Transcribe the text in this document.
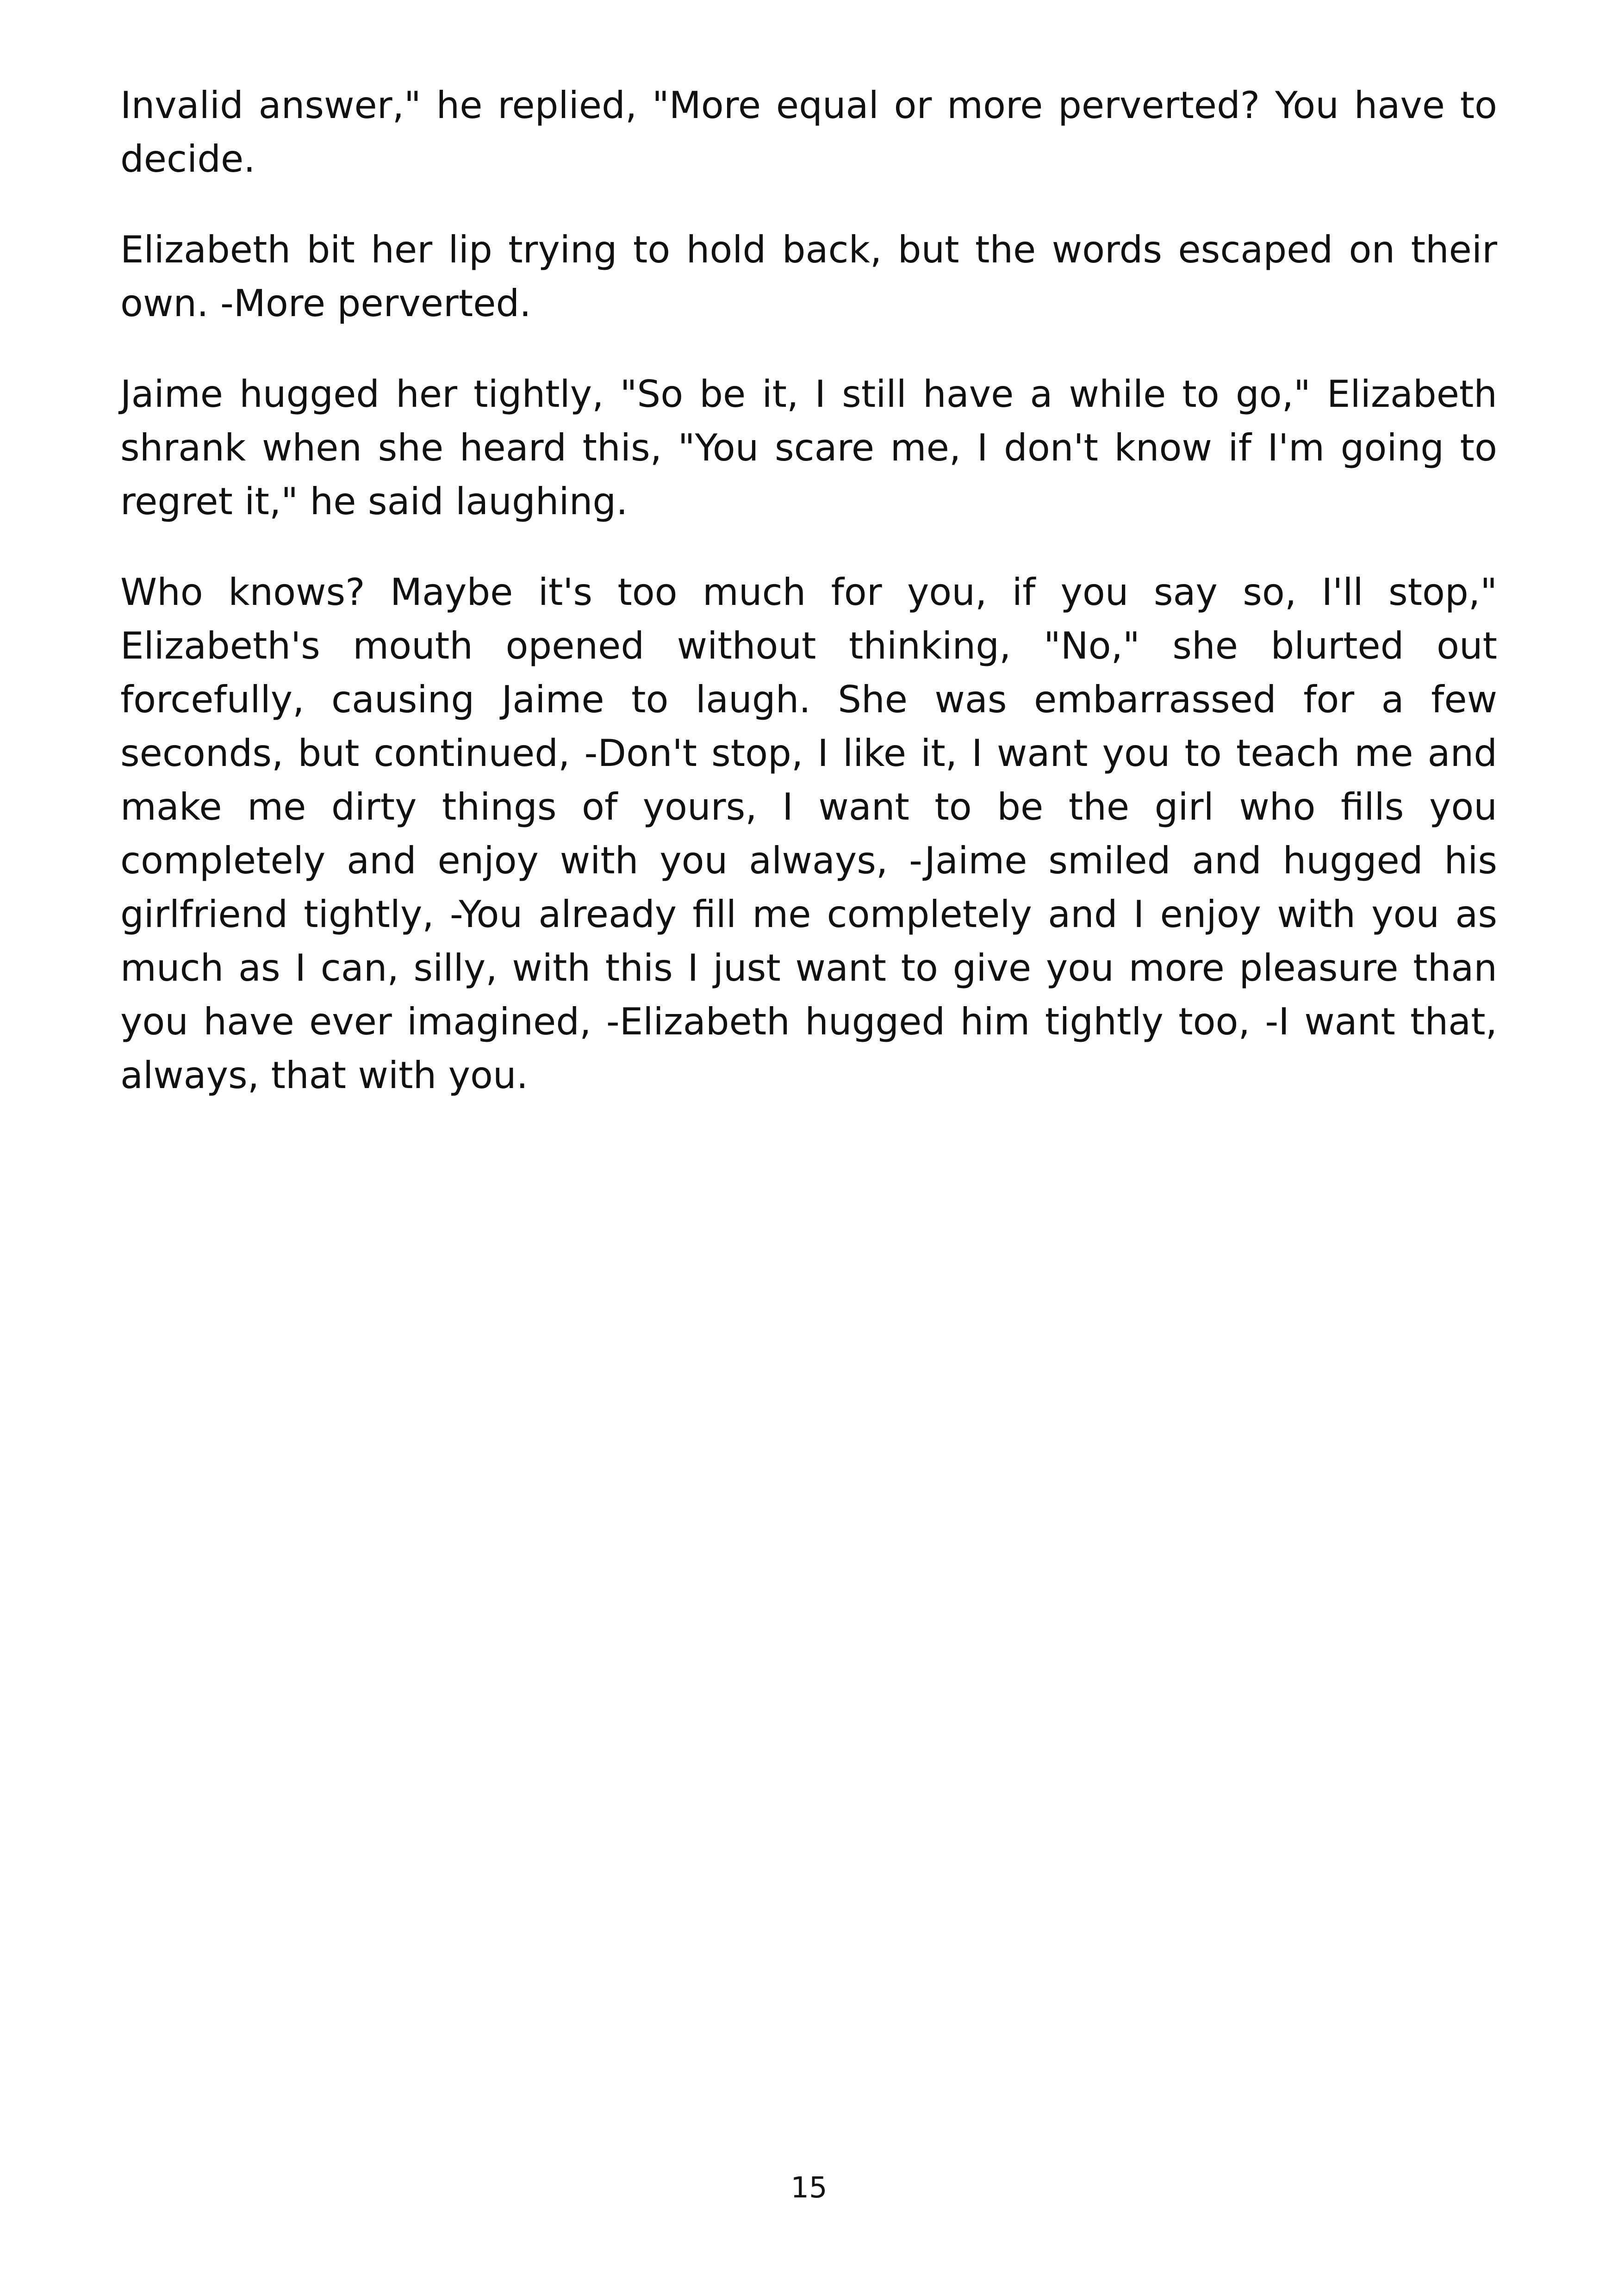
Invalid answer," he replied, "More equal or more perverted? You have to decide.

Elizabeth bit her lip trying to hold back, but the words escaped on their own. -More perverted.

Jaime hugged her tightly, "So be it, I still have a while to go," Elizabeth shrank when she heard this, "You scare me, I don't know if I'm going to regret it," he said laughing.

Who knows? Maybe it's too much for you, if you say so, I'll stop," Elizabeth's mouth opened without thinking, "No," she blurted out forcefully, causing Jaime to laugh. She was embarrassed for a few seconds, but continued, -Don't stop, I like it, I want you to teach me and make me dirty things of yours, I want to be the girl who fills you completely and enjoy with you always, -Jaime smiled and hugged his girlfriend tightly, -You already fill me completely and I enjoy with you as much as I can, silly, with this I just want to give you more pleasure than you have ever imagined, -Elizabeth hugged him tightly too, -I want that, always, that with you.

15
